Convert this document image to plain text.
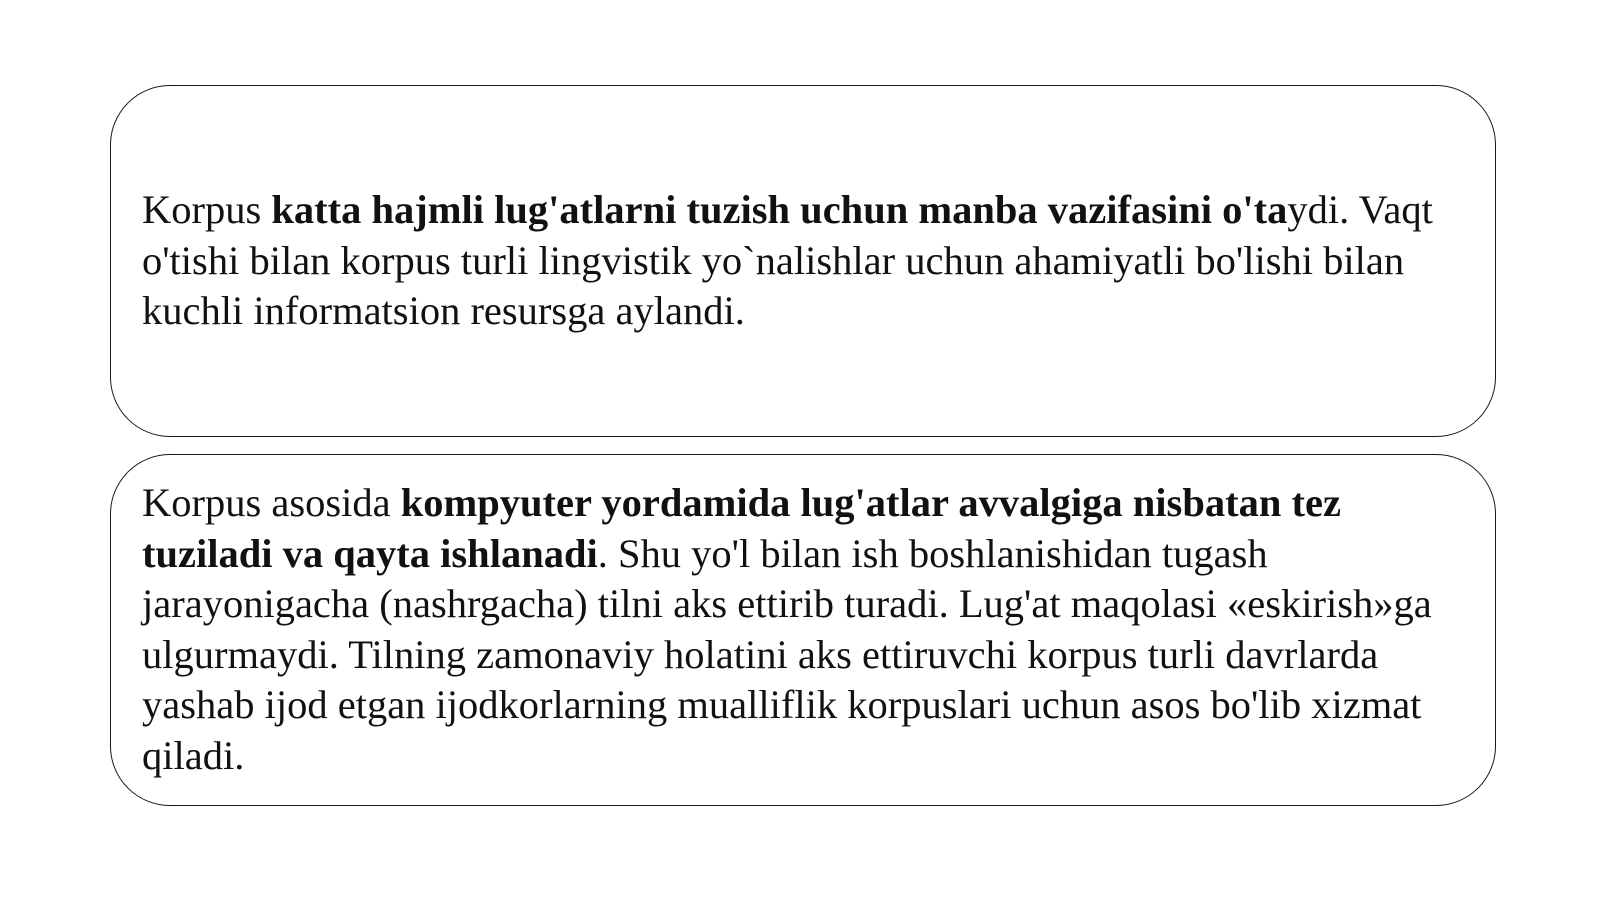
Korpus katta hajmli lug'atlarni tuzish uchun manba vazifasini o'taydi. Vaqt o'tishi bilan korpus turli lingvistik yo`nalishlar uchun ahamiyatli bo'lishi bilan kuchli informatsion resursga aylandi.

Korpus asosida kompyuter yordamida lug'atlar avvalgiga nisbatan tez tuziladi va qayta ishlanadi. Shu yo'l bilan ish boshlanishidan tugash jarayonigacha (nashrgacha) tilni aks ettirib turadi. Lug'at maqolasi «eskirish»ga ulgurmaydi. Tilning zamonaviy holatini aks ettiruvchi korpus turli davrlarda yashab ijod etgan ijodkorlarning mualliflik korpuslari uchun asos bo'lib xizmat qiladi.
